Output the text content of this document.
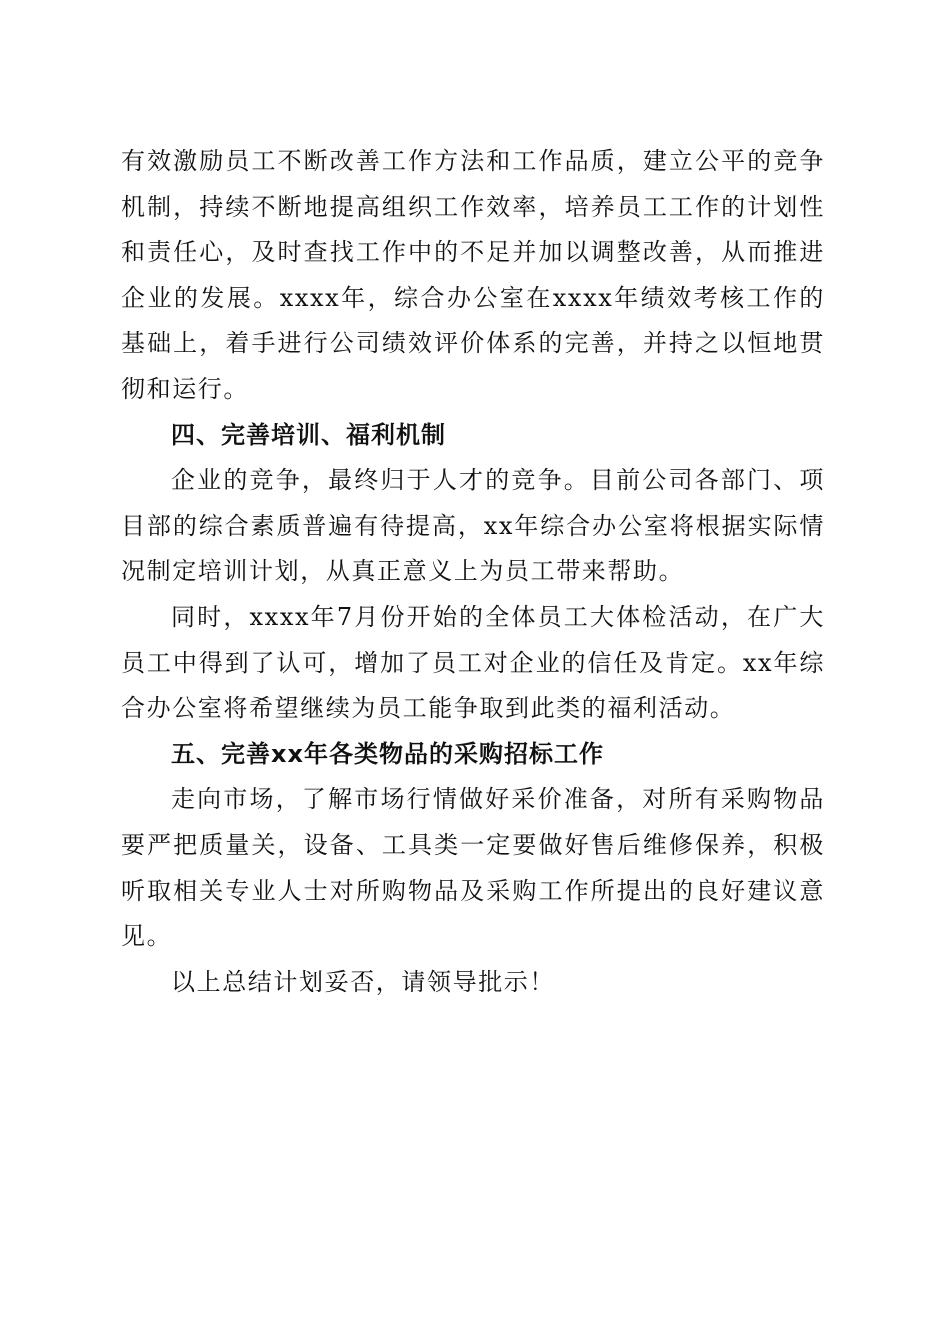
有效激励员工不断改善工作方法和工作品质，建立公平的竞争机制，持续不断地提高组织工作效率，培养员工工作的计划性和责任心，及时查找工作中的不足并加以调整改善，从而推进企业的发展。xxxx年，综合办公室在xxxx年绩效考核工作的基础上，着手进行公司绩效评价体系的完善，并持之以恒地贯彻和运行。

四、完善培训、福利机制

企业的竞争，最终归于人才的竞争。目前公司各部门、项目部的综合素质普遍有待提高，xx年综合办公室将根据实际情况制定培训计划，从真正意义上为员工带来帮助。

同时，xxxx年7月份开始的全体员工大体检活动，在广大员工中得到了认可，增加了员工对企业的信任及肯定。xx年综合办公室将希望继续为员工能争取到此类的福利活动。

五、完善xx年各类物品的采购招标工作

走向市场，了解市场行情做好采价准备，对所有采购物品要严把质量关，设备、工具类一定要做好售后维修保养，积极听取相关专业人士对所购物品及采购工作所提出的良好建议意见。

以上总结计划妥否，请领导批示！
